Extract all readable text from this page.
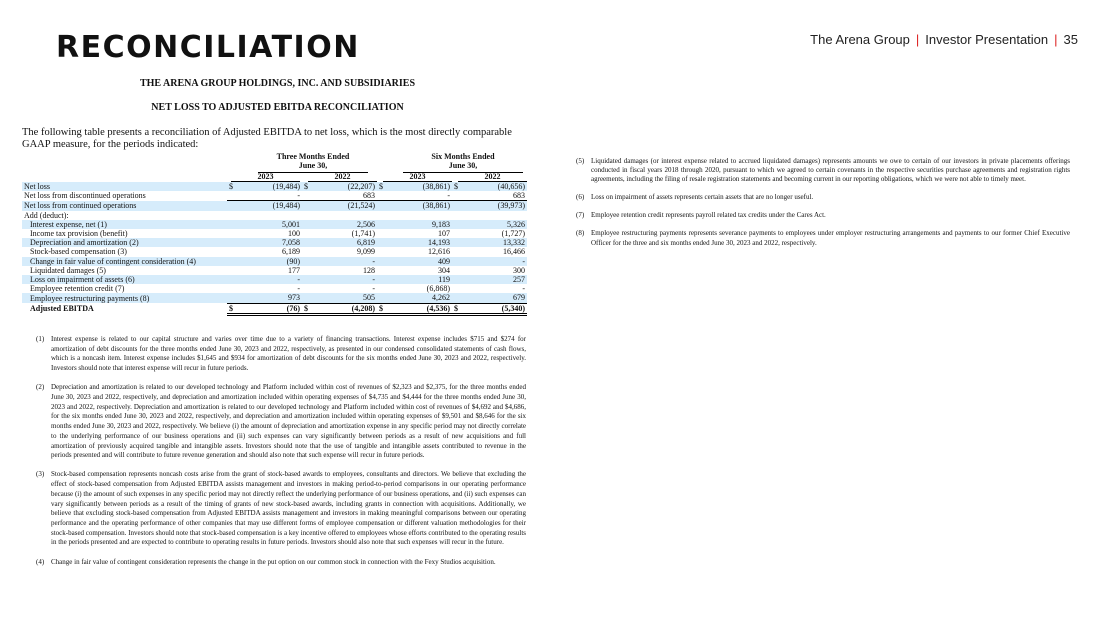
RECONCILIATION	The Arena Group | Investor Presentation | 35
THE ARENA GROUP HOLDINGS, INC. AND SUBSIDIARIES
NET LOSS TO ADJUSTED EBITDA RECONCILIATION
The following table presents a reconciliation of Adjusted EBITDA to net loss, which is the most directly comparable GAAP measure, for the periods indicated:
Three Months Ended
June 30,
Six Months Ended
June 30,
2023	2022	2023	2022
Net loss	$	(19,484)	$	(22,207)	$	(38,861)	$	(40,656)
Net loss from discontinued operations		-		683		-		683
Net loss from continued operations		(19,484)		(21,524)		(38,861)		(39,973)
Add (deduct):								
Interest expense, net (1)		5,001		2,506		9,183		5,326
Income tax provision (benefit)		100		(1,741)		107		(1,727)
Depreciation and amortization (2)		7,058		6,819		14,193		13,332
Stock-based compensation (3)		6,189		9,099		12,616		16,466
Change in fair value of contingent consideration (4)		(90)		-		409		-
Liquidated damages (5)		177		128		304		300
Loss on impairment of assets (6)		-		-		119		257
Employee retention credit (7)		-		-		(6,868)		-
Employee restructuring payments (8)		973		505		4,262		679
Adjusted EBITDA	$	(76)	$	(4,208)	$	(4,536)	$	(5,340)
(1) Interest expense is related to our capital structure and varies over time due to a variety of financing transactions. Interest expense includes $715 and $274 for amortization of debt discounts for the three months ended June 30, 2023 and 2022, respectively, as presented in our condensed consolidated statements of cash flows, which is a noncash item. Interest expense includes $1,645 and $934 for amortization of debt discounts for the six months ended June 30, 2023 and 2022, respectively. Investors should note that interest expense will recur in future periods.
(2) Depreciation and amortization is related to our developed technology and Platform included within cost of revenues of $2,323 and $2,375, for the three months ended June 30, 2023 and 2022, respectively, and depreciation and amortization included within operating expenses of $4,735 and $4,444 for the three months ended June 30, 2023 and 2022, respectively. Depreciation and amortization is related to our developed technology and Platform included within cost of revenues of $4,692 and $4,686, for the six months ended June 30, 2023 and 2022, respectively, and depreciation and amortization included within operating expenses of $9,501 and $8,646 for the six months ended June 30, 2023 and 2022, respectively. We believe (i) the amount of depreciation and amortization expense in any specific period may not directly correlate to the underlying performance of our business operations and (ii) such expenses can vary significantly between periods as a result of new acquisitions and full amortization of previously acquired tangible and intangible assets. Investors should note that the use of tangible and intangible assets contributed to revenue in the periods presented and will contribute to future revenue generation and should also note that such expense will recur in future periods.
(3) Stock-based compensation represents noncash costs arise from the grant of stock-based awards to employees, consultants and directors. We believe that excluding the effect of stock-based compensation from Adjusted EBITDA assists management and investors in making period-to-period comparisons in our operating performance because (i) the amount of such expenses in any specific period may not directly reflect the underlying performance of our business operations, and (ii) such expenses can vary significantly between periods as a result of the timing of grants of new stock-based awards, including grants in connection with acquisitions. Additionally, we believe that excluding stock-based compensation from Adjusted EBITDA assists management and investors in making meaningful comparisons between our operating performance and the operating performance of other companies that may use different forms of employee compensation or different valuation methodologies for their stock-based compensation. Investors should note that stock-based compensation is a key incentive offered to employees whose efforts contributed to the operating results in the periods presented and are expected to contribute to operating results in future periods. Investors should also note that such expenses will recur in the future.
(4) Change in fair value of contingent consideration represents the change in the put option on our common stock in connection with the Fexy Studios acquisition.
(5) Liquidated damages (or interest expense related to accrued liquidated damages) represents amounts we owe to certain of our investors in private placements offerings conducted in fiscal years 2018 through 2020, pursuant to which we agreed to certain covenants in the respective securities purchase agreements and registration rights agreements, including the filing of resale registration statements and becoming current in our reporting obligations, which we were not able to timely meet.
(6) Loss on impairment of assets represents certain assets that are no longer useful.
(7) Employee retention credit represents payroll related tax credits under the Cares Act.
(8) Employee restructuring payments represents severance payments to employees under employer restructuring arrangements and payments to our former Chief Executive Officer for the three and six months ended June 30, 2023 and 2022, respectively.
